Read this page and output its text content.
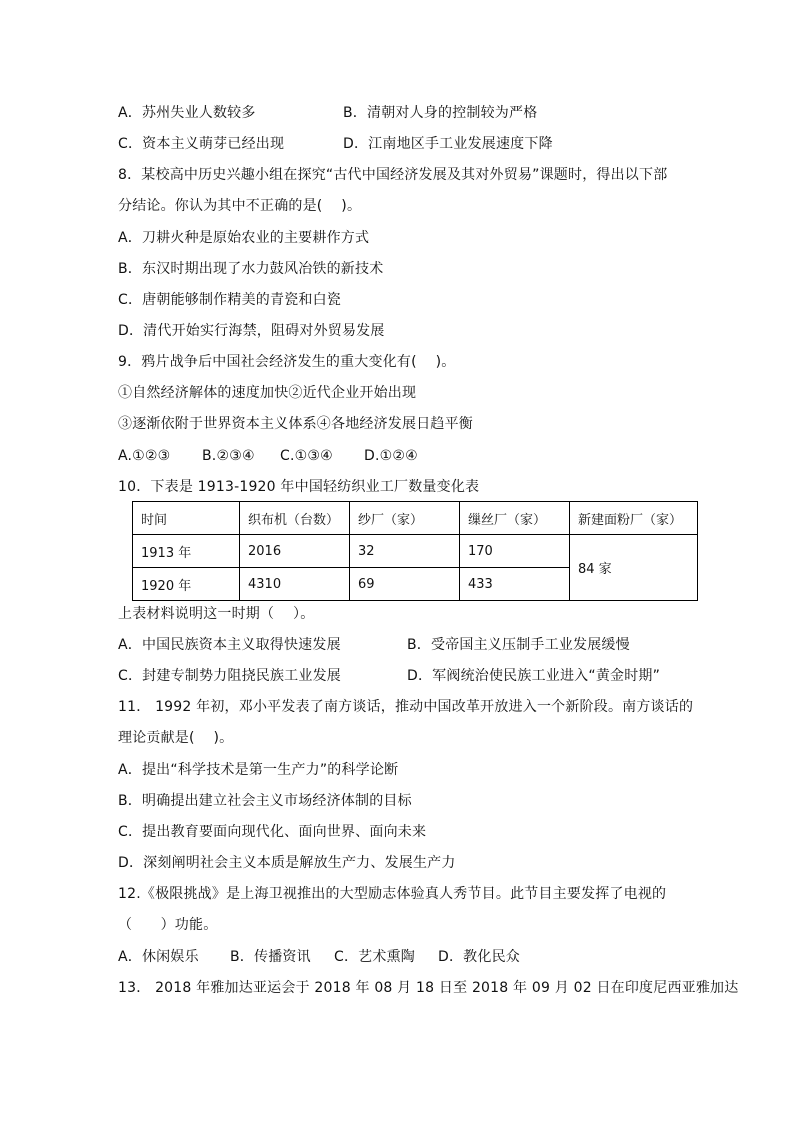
A．苏州失业人数较多	B．清朝对人身的控制较为严格
C．资本主义萌芽已经出现	D．江南地区手工业发展速度下降
8．某校高中历史兴趣小组在探究“古代中国经济发展及其对外贸易”课题时，得出以下部
分结论。你认为其中不正确的是(　 )。
A．刀耕火种是原始农业的主要耕作方式
B．东汉时期出现了水力鼓风冶铁的新技术
C．唐朝能够制作精美的青瓷和白瓷
D．清代开始实行海禁，阻碍对外贸易发展
9．鸦片战争后中国社会经济发生的重大变化有(　 )。
①自然经济解体的速度加快②近代企业开始出现
③逐渐依附于世界资本主义体系④各地经济发展日趋平衡
A.①②③ B.②③④ C.①③④ D.①②④
10．下表是 1913-1920 年中国轻纺织业工厂数量变化表
时间	织布机（台数）	纱厂（家）	缫丝厂（家）	新建面粉厂（家）
1913 年	2016	32	170	84 家
1920 年	4310	69	433	
上表材料说明这一时期（　 ）。
A．中国民族资本主义取得快速发展	B．受帝国主义压制手工业发展缓慢
C．封建专制势力阻挠民族工业发展	D．军阀统治使民族工业进入“黄金时期”
11． 1992 年初，邓小平发表了南方谈话，推动中国改革开放进入一个新阶段。南方谈话的
理论贡献是(　 )。
A．提出“科学技术是第一生产力”的科学论断
B．明确提出建立社会主义市场经济体制的目标
C．提出教育要面向现代化、面向世界、面向未来
D．深刻阐明社会主义本质是解放生产力、发展生产力
12.《极限挑战》是上海卫视推出的大型励志体验真人秀节目。此节目主要发挥了电视的
（　　）功能。
A．休闲娱乐 B．传播资讯 C．艺术熏陶 D．教化民众
13． 2018 年雅加达亚运会于 2018 年 08 月 18 日至 2018 年 09 月 02 日在印度尼西亚雅加达
